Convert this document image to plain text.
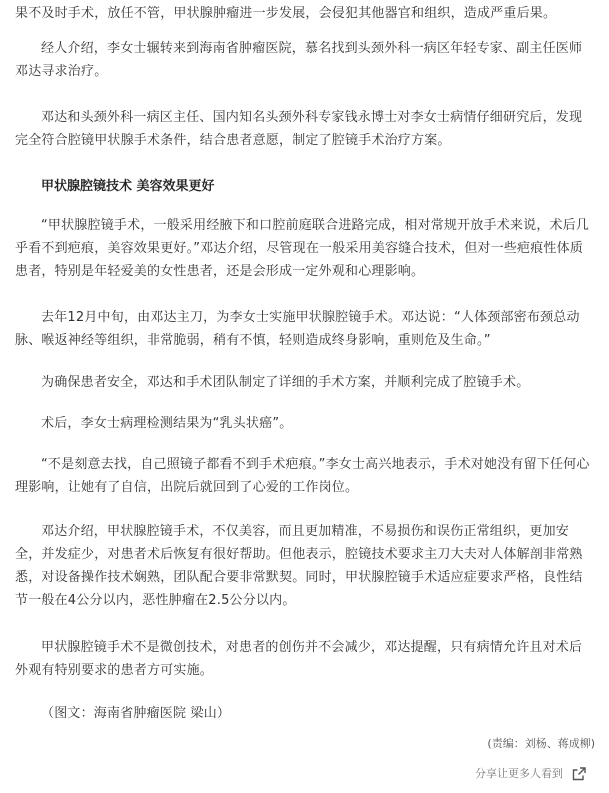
果不及时手术，放任不管，甲状腺肿瘤进一步发展，会侵犯其他器官和组织，造成严重后果。

经人介绍，李女士辗转来到海南省肿瘤医院，慕名找到头颈外科一病区年轻专家、副主任医师邓达寻求治疗。

邓达和头颈外科一病区主任、国内知名头颈外科专家钱永博士对李女士病情仔细研究后，发现完全符合腔镜甲状腺手术条件，结合患者意愿，制定了腔镜手术治疗方案。

甲状腺腔镜技术 美容效果更好

“甲状腺腔镜手术，一般采用经腋下和口腔前庭联合进路完成，相对常规开放手术来说，术后几乎看不到疤痕，美容效果更好。”邓达介绍，尽管现在一般采用美容缝合技术，但对一些疤痕性体质患者，特别是年轻爱美的女性患者，还是会形成一定外观和心理影响。

去年12月中旬，由邓达主刀，为李女士实施甲状腺腔镜手术。邓达说：“人体颈部密布颈总动脉、喉返神经等组织，非常脆弱，稍有不慎，轻则造成终身影响，重则危及生命。”

为确保患者安全，邓达和手术团队制定了详细的手术方案，并顺利完成了腔镜手术。

术后，李女士病理检测结果为“乳头状癌”。

“不是刻意去找，自己照镜子都看不到手术疤痕。”李女士高兴地表示，手术对她没有留下任何心理影响，让她有了自信，出院后就回到了心爱的工作岗位。

邓达介绍，甲状腺腔镜手术，不仅美容，而且更加精准，不易损伤和误伤正常组织，更加安全，并发症少，对患者术后恢复有很好帮助。但他表示，腔镜技术要求主刀大夫对人体解剖非常熟悉，对设备操作技术娴熟，团队配合要非常默契。同时，甲状腺腔镜手术适应症要求严格，良性结节一般在4公分以内，恶性肿瘤在2.5公分以内。

甲状腺腔镜手术不是微创技术，对患者的创伤并不会减少，邓达提醒，只有病情允许且对术后外观有特别要求的患者方可实施。

（图文：海南省肿瘤医院 梁山）

(责编：刘杨、蒋成柳)

分享让更多人看到
